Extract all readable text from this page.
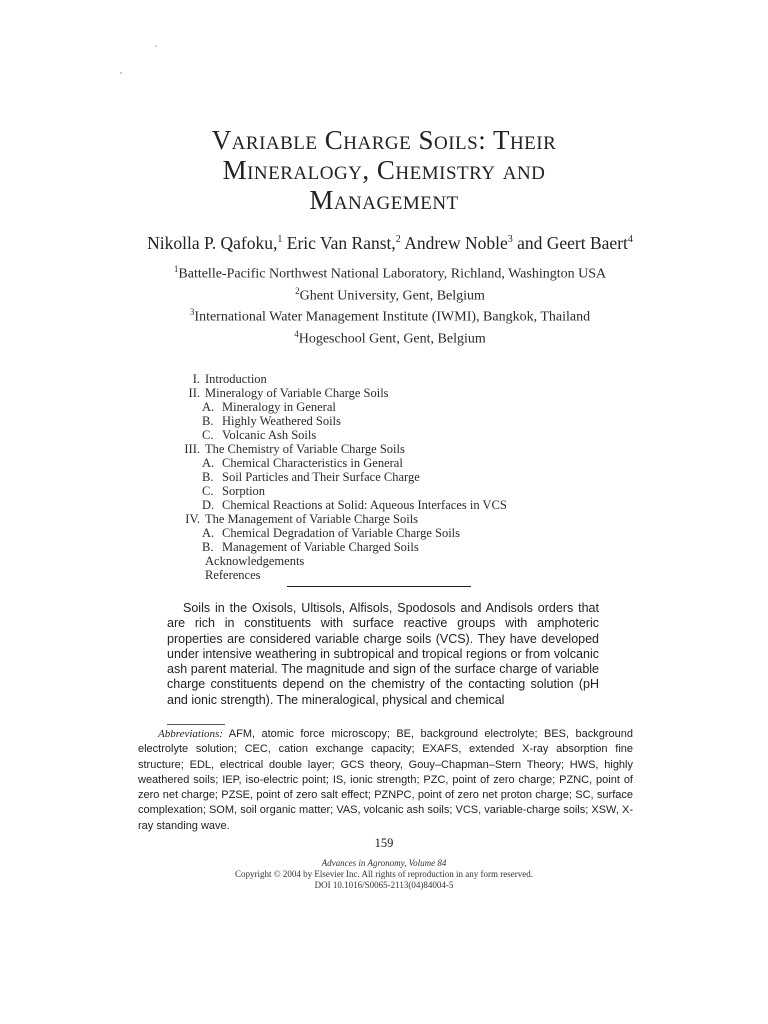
Variable Charge Soils: Their
Mineralogy, Chemistry and
Management
Nikolla P. Qafoku,$^1$ Eric Van Ranst,$^2$ Andrew Noble$^3$ and Geert Baert$^4$
$^1$Battelle-Pacific Northwest National Laboratory, Richland, Washington USA
$^2$Ghent University, Gent, Belgium
$^3$International Water Management Institute (IWMI), Bangkok, Thailand
$^4$Hogeschool Gent, Gent, Belgium
I. Introduction
II. Mineralogy of Variable Charge Soils
A. Mineralogy in General
B. Highly Weathered Soils
C. Volcanic Ash Soils
III. The Chemistry of Variable Charge Soils
A. Chemical Characteristics in General
B. Soil Particles and Their Surface Charge
C. Sorption
D. Chemical Reactions at Solid: Aqueous Interfaces in VCS
IV. The Management of Variable Charge Soils
A. Chemical Degradation of Variable Charge Soils
B. Management of Variable Charged Soils
Acknowledgements
References
Soils in the Oxisols, Ultisols, Alfisols, Spodosols and Andisols orders that are rich in constituents with surface reactive groups with amphoteric properties are considered variable charge soils (VCS). They have developed under intensive weathering in subtropical and tropical regions or from volcanic ash parent material. The magnitude and sign of the surface charge of variable charge constituents depend on the chemistry of the contacting solution (pH and ionic strength). The mineralogical, physical and chemical
Abbreviations: AFM, atomic force microscopy; BE, background electrolyte; BES, background electrolyte solution; CEC, cation exchange capacity; EXAFS, extended X-ray absorption fine structure; EDL, electrical double layer; GCS theory, Gouy–Chapman–Stern Theory; HWS, highly weathered soils; IEP, iso-electric point; IS, ionic strength; PZC, point of zero charge; PZNC, point of zero net charge; PZSE, point of zero salt effect; PZNPC, point of zero net proton charge; SC, surface complexation; SOM, soil organic matter; VAS, volcanic ash soils; VCS, variable-charge soils; XSW, X-ray standing wave.
159
Advances in Agronomy, Volume 84
Copyright © 2004 by Elsevier Inc. All rights of reproduction in any form reserved.
DOI 10.1016/S0065-2113(04)84004-5
